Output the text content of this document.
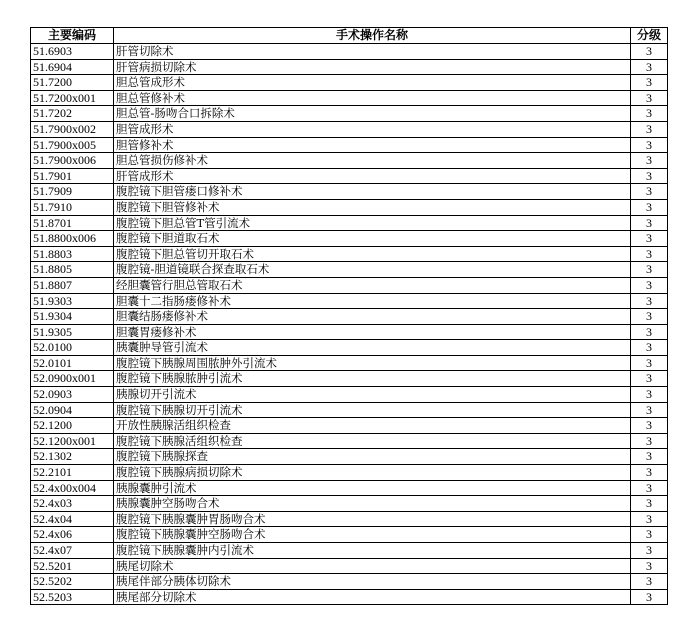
主要编码	手术操作名称	分级
51.6903	肝管切除术	3
51.6904	肝管病损切除术	3
51.7200	胆总管成形术	3
51.7200x001	胆总管修补术	3
51.7202	胆总管-肠吻合口拆除术	3
51.7900x002	胆管成形术	3
51.7900x005	胆管修补术	3
51.7900x006	胆总管损伤修补术	3
51.7901	肝管成形术	3
51.7909	腹腔镜下胆管瘘口修补术	3
51.7910	腹腔镜下胆管修补术	3
51.8701	腹腔镜下胆总管T管引流术	3
51.8800x006	腹腔镜下胆道取石术	3
51.8803	腹腔镜下胆总管切开取石术	3
51.8805	腹腔镜-胆道镜联合探查取石术	3
51.8807	经胆囊管行胆总管取石术	3
51.9303	胆囊十二指肠瘘修补术	3
51.9304	胆囊结肠瘘修补术	3
51.9305	胆囊胃瘘修补术	3
52.0100	胰囊肿导管引流术	3
52.0101	腹腔镜下胰腺周围脓肿外引流术	3
52.0900x001	腹腔镜下胰腺脓肿引流术	3
52.0903	胰腺切开引流术	3
52.0904	腹腔镜下胰腺切开引流术	3
52.1200	开放性胰腺活组织检查	3
52.1200x001	腹腔镜下胰腺活组织检查	3
52.1302	腹腔镜下胰腺探查	3
52.2101	腹腔镜下胰腺病损切除术	3
52.4x00x004	胰腺囊肿引流术	3
52.4x03	胰腺囊肿空肠吻合术	3
52.4x04	腹腔镜下胰腺囊肿胃肠吻合术	3
52.4x06	腹腔镜下胰腺囊肿空肠吻合术	3
52.4x07	腹腔镜下胰腺囊肿内引流术	3
52.5201	胰尾切除术	3
52.5202	胰尾伴部分胰体切除术	3
52.5203	胰尾部分切除术	3
